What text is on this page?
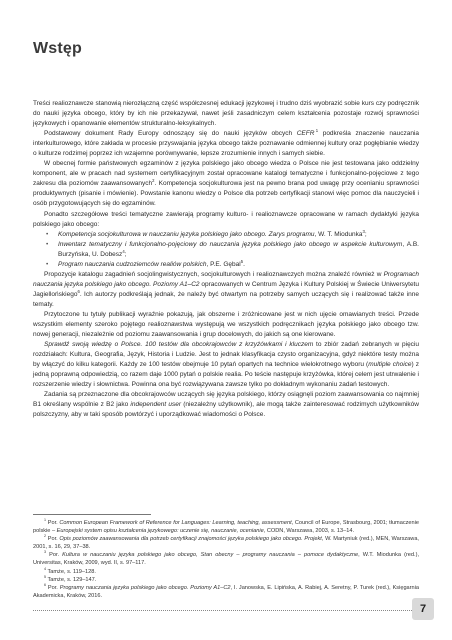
Wstęp

Treści realioznawcze stanowią nierozłączną część współczesnej edukacji językowej i trudno dziś wyobrazić sobie kurs czy podręcznik do nauki języka obcego, który by ich nie przekazywał, nawet jeśli zasadniczym celem kształcenia pozostaje rozwój sprawności językowych i opanowanie elementów strukturalno-leksykalnych.

Podstawowy dokument Rady Europy odnoszący się do nauki języków obcych CEFR $^1$ podkreśla znaczenie nauczania interkulturowego, które zakłada w procesie przyswajania języka obcego także poznawanie odmiennej kultury oraz pogłębianie wiedzy o kulturze rodzimej poprzez ich wzajemne porównywanie, lepsze zrozumienie innych i samych siebie.

W obecnej formie państwowych egzaminów z języka polskiego jako obcego wiedza o Polsce nie jest testowana jako oddzielny komponent, ale w pracach nad systemem certyfikacyjnym został opracowane katalogi tematyczne i funkcjonalno-pojęciowe z tego zakresu dla poziomów zaawansowanych$^2$. Kompetencja socjokulturowa jest na pewno brana pod uwagę przy ocenianiu sprawności produktywnych (pisanie i mówienie). Powstanie kanonu wiedzy o Polsce dla potrzeb certyfikacji stanowi więc pomoc dla nauczycieli i osób przygotowujących się do egzaminów.

Ponadto szczegółowe treści tematyczne zawierają programy kulturo- i realioznawcze opracowane w ramach dydaktyki języka polskiego jako obcego:

• Kompetencja socjokulturowa w nauczaniu języka polskiego jako obcego. Zarys programu, W. T. Miodunka$^3$;
• Inwentarz tematyczny i funkcjonalno-pojęciowy do nauczania języka polskiego jako obcego w aspekcie kulturowym, A.B. Burzyńska, U. Dobesz$^4$;
• Program nauczania cudzoziemców realiów polskich, P.E. Gębal$^5$.

Propozycje katalogu zagadnień socjolingwistycznych, socjokulturowych i realioznawczych można znaleźć również w Programach nauczania języka polskiego jako obcego. Poziomy A1–C2 opracowanych w Centrum Języka i Kultury Polskiej w Świecie Uniwersytetu Jagiellońskiego$^6$. Ich autorzy podkreślają jednak, że należy być otwartym na potrzeby samych uczących się i realizować także inne tematy.

Przytoczone tu tytuły publikacji wyraźnie pokazują, jak obszerne i zróżnicowane jest w nich ujęcie omawianych treści. Przede wszystkim elementy szeroko pojętego realioznawstwa występują we wszystkich podręcznikach języka polskiego jako obcego tzw. nowej generacji, niezależnie od poziomu zaawansowania i grup docelowych, do jakich są one kierowane.

Sprawdź swoją wiedzę o Polsce. 100 testów dla obcokrajowców z krzyżówkami i kluczem to zbiór zadań zebranych w pięciu rozdziałach: Kultura, Geografia, Język, Historia i Ludzie. Jest to jednak klasyfikacja czysto organizacyjna, gdyż niektóre testy można by włączyć do kilku kategorii. Każdy ze 100 testów obejmuje 10 pytań opartych na technice wielokrotnego wyboru (multiple choice) z jedną poprawną odpowiedzią, co razem daje 1000 pytań o polskie realia. Po teście następuje krzyżówka, której celem jest utrwalenie i rozszerzenie wiedzy i słownictwa. Powinna ona być rozwiązywana zawsze tylko po dokładnym wykonaniu zadań testowych.

Zadania są przeznaczone dla obcokrajowców uczących się języka polskiego, którzy osiągnęli poziom zaawansowania co najmniej B1 określany wspólnie z B2 jako independent user (niezależny użytkownik), ale mogą także zainteresować rodzimych użytkowników polszczyzny, aby w taki sposób powtórzyć i uporządkować wiadomości o Polsce.

$^1$ Por. Common European Framework of Reference for Languages: Learning, teaching, assessment, Council of Europe, Strasbourg, 2001; tłumaczenie polskie – Europejski system opisu kształcenia językowego: uczenie się, nauczanie, ocenianie, CODN, Warszawa, 2003, s. 13–14.

$^2$ Por. Opis poziomów zaawansowania dla potrzeb certyfikacji znajomości języka polskiego jako obcego. Projekt, W. Martyniuk (red.), MEN, Warszawa, 2001, s. 16, 29, 37–38.

$^3$ Por. Kultura w nauczaniu języka polskiego jako obcego, Stan obecny – programy nauczania – pomoce dydaktyczne, W.T. Miodunka (red.), Universitas, Kraków, 2009, wyd. II, s. 97–117.

$^4$ Tamże, s. 119–128.

$^5$ Tamże, s. 129–147.

$^6$ Por. Programy nauczania języka polskiego jako obcego. Poziomy A1–C2, I. Janowska, E. Lipińska, A. Rabiej, A. Seretny, P. Turek (red.), Księgarnia Akademicka, Kraków, 2016.

7
